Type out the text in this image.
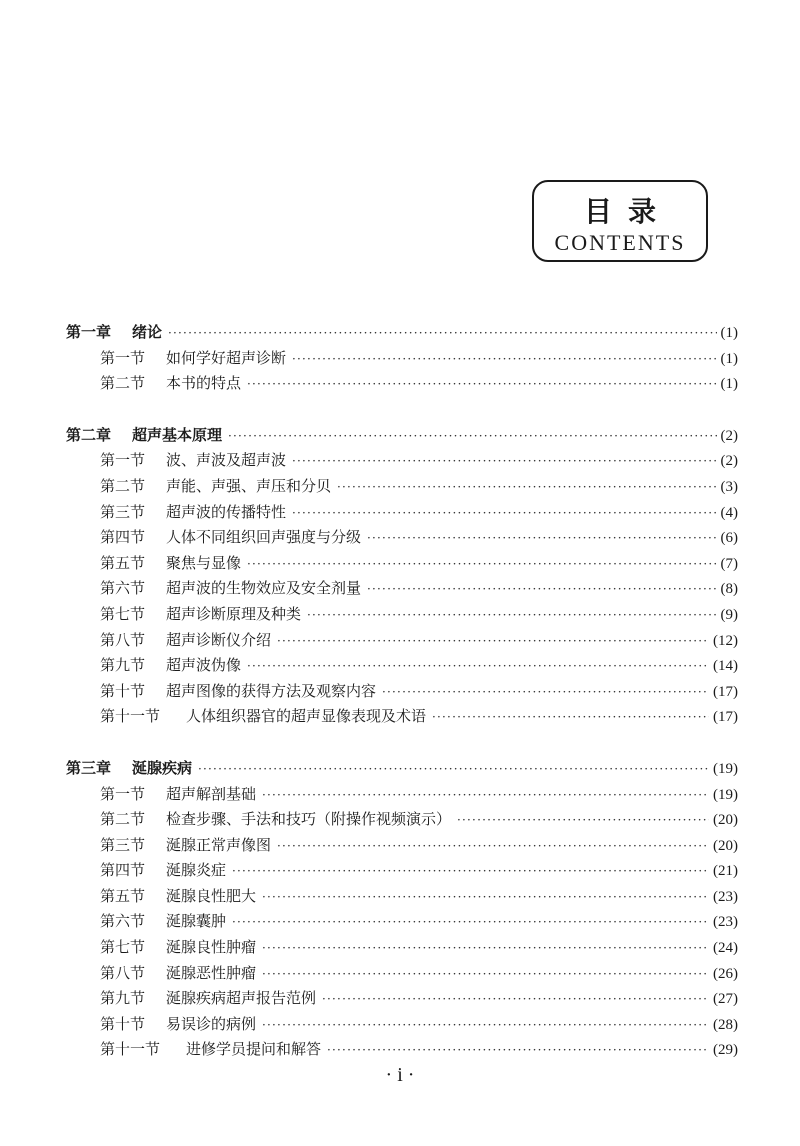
目录
CONTENTS
第一章	绪论 ·····	(1)
第一节	如何学好超声诊断 ·····	(1)
第二节	本书的特点 ·····	(1)
第二章	超声基本原理 ·····	(2)
第一节	波、声波及超声波 ·····	(2)
第二节	声能、声强、声压和分贝 ·····	(3)
第三节	超声波的传播特性 ·····	(4)
第四节	人体不同组织回声强度与分级 ·····	(6)
第五节	聚焦与显像 ·····	(7)
第六节	超声波的生物效应及安全剂量 ·····	(8)
第七节	超声诊断原理及种类 ·····	(9)
第八节	超声诊断仪介绍 ·····	(12)
第九节	超声波伪像 ·····	(14)
第十节	超声图像的获得方法及观察内容 ·····	(17)
第十一节	人体组织器官的超声显像表现及术语 ·····	(17)
第三章	涎腺疾病 ·····	(19)
第一节	超声解剖基础 ·····	(19)
第二节	检查步骤、手法和技巧（附操作视频演示） ·····	(20)
第三节	涎腺正常声像图 ·····	(20)
第四节	涎腺炎症 ·····	(21)
第五节	涎腺良性肥大 ·····	(23)
第六节	涎腺囊肿 ·····	(23)
第七节	涎腺良性肿瘤 ·····	(24)
第八节	涎腺恶性肿瘤 ·····	(26)
第九节	涎腺疾病超声报告范例 ·····	(27)
第十节	易误诊的病例 ·····	(28)
第十一节	进修学员提问和解答 ·····	(29)
· i ·
